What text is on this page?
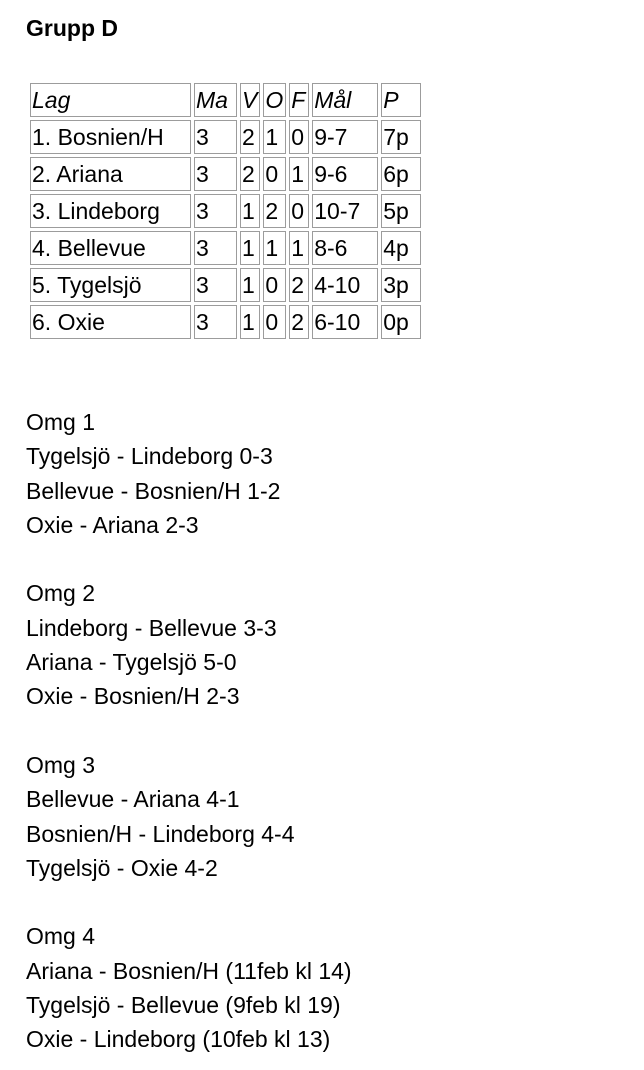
Grupp D
Lag	Ma	V	O	F	Mål	P
1. Bosnien/H	3	2	1	0	9-7	7p
2. Ariana	3	2	0	1	9-6	6p
3. Lindeborg	3	1	2	0	10-7	5p
4. Bellevue	3	1	1	1	8-6	4p
5. Tygelsjö	3	1	0	2	4-10	3p
6. Oxie	3	1	0	2	6-10	0p
Omg 1
Tygelsjö - Lindeborg 0-3
Bellevue - Bosnien/H 1-2
Oxie - Ariana 2-3
Omg 2
Lindeborg - Bellevue 3-3
Ariana - Tygelsjö 5-0
Oxie - Bosnien/H 2-3
Omg 3
Bellevue - Ariana 4-1
Bosnien/H - Lindeborg 4-4
Tygelsjö - Oxie 4-2
Omg 4
Ariana - Bosnien/H (11feb kl 14)
Tygelsjö - Bellevue (9feb kl 19)
Oxie - Lindeborg (10feb kl 13)
